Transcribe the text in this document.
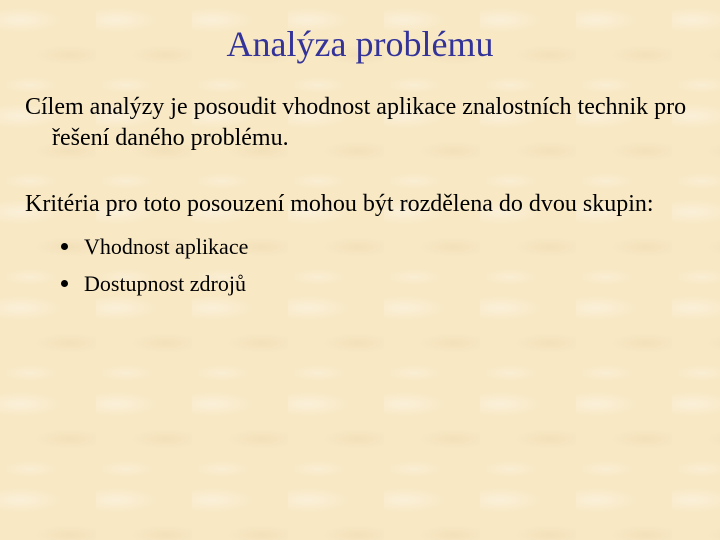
Analýza problému

Cílem analýzy je posoudit vhodnost aplikace znalostních technik pro řešení daného problému.

Kritéria pro toto posouzení mohou být rozdělena do dvou skupin:

Vhodnost aplikace
Dostupnost zdrojů
